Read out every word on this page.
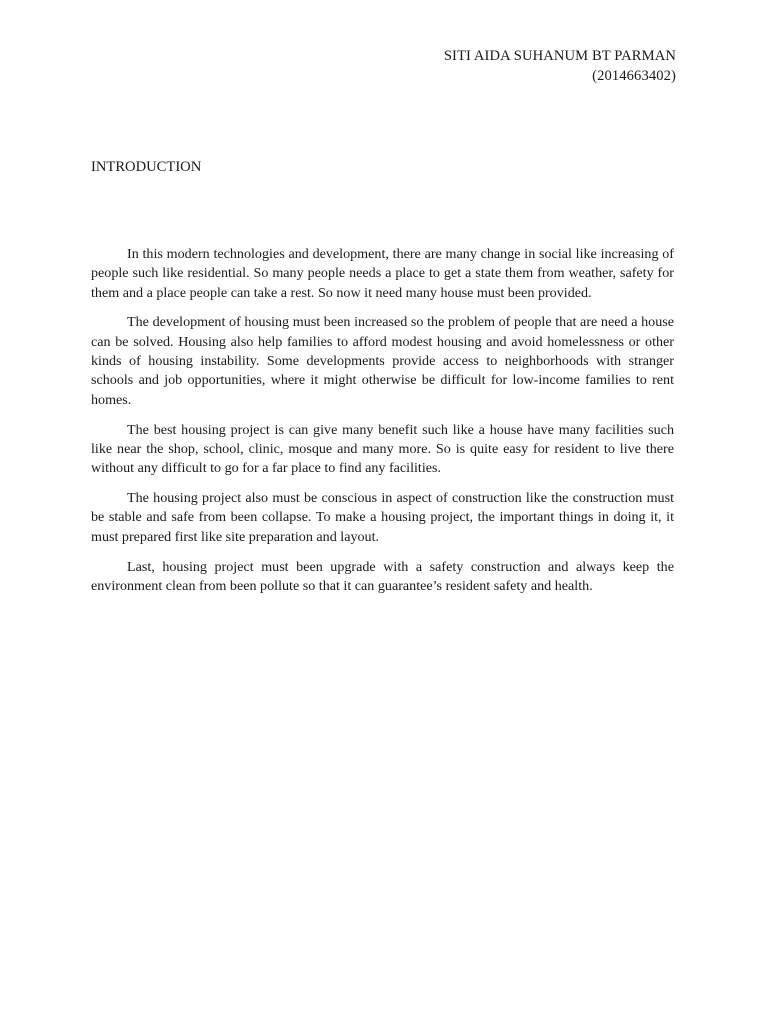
SITI AIDA SUHANUM BT PARMAN
(2014663402)
INTRODUCTION

In this modern technologies and development, there are many change in social like increasing of people such like residential. So many people needs a place to get a state them from weather, safety for them and a place people can take a rest. So now it need many house must been provided.

The development of housing must been increased so the problem of people that are need a house can be solved. Housing also help families to afford modest housing and avoid homelessness or other kinds of housing instability. Some developments provide access to neighborhoods with stranger schools and job opportunities, where it might otherwise be difficult for low-income families to rent homes.

The best housing project is can give many benefit such like a house have many facilities such like near the shop, school, clinic, mosque and many more. So is quite easy for resident to live there without any difficult to go for a far place to find any facilities.

The housing project also must be conscious in aspect of construction like the construction must be stable and safe from been collapse. To make a housing project, the important things in doing it, it must prepared first like site preparation and layout.

Last, housing project must been upgrade with a safety construction and always keep the environment clean from been pollute so that it can guarantee’s resident safety and health.
